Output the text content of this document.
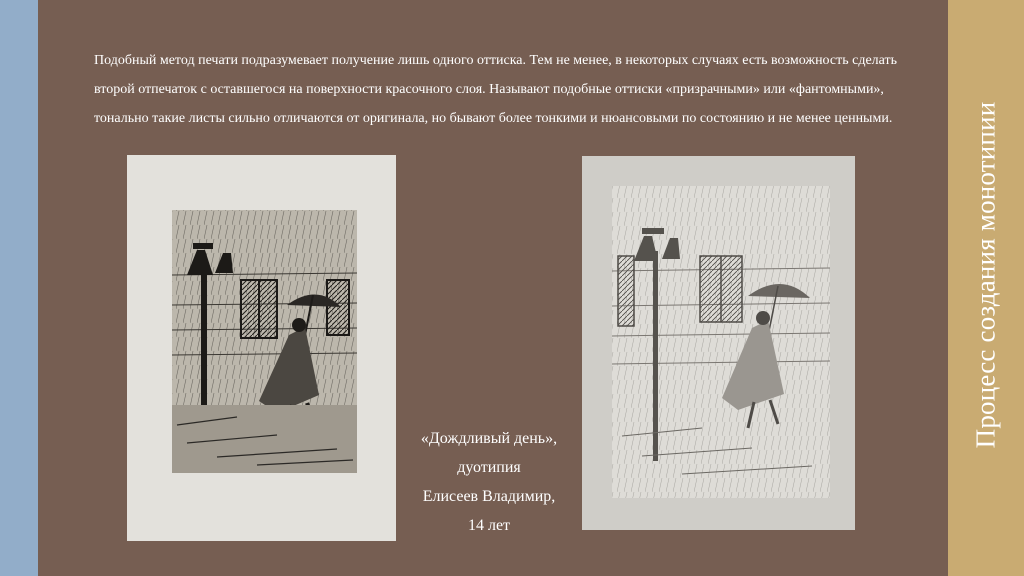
Процесс создания монотипии
Подобный метод печати подразумевает получение лишь одного оттиска. Тем не менее, в некоторых случаях есть возможность сделать второй отпечаток с оставшегося на поверхности красочного слоя. Называют подобные оттиски «призрачными» или «фантомными», тонально такие листы сильно отличаются от оригинала, но бывают более тонкими и нюансовыми по состоянию и не менее ценными.
«Дождливый день»,
дуотипия
Елисеев Владимир,
14 лет
